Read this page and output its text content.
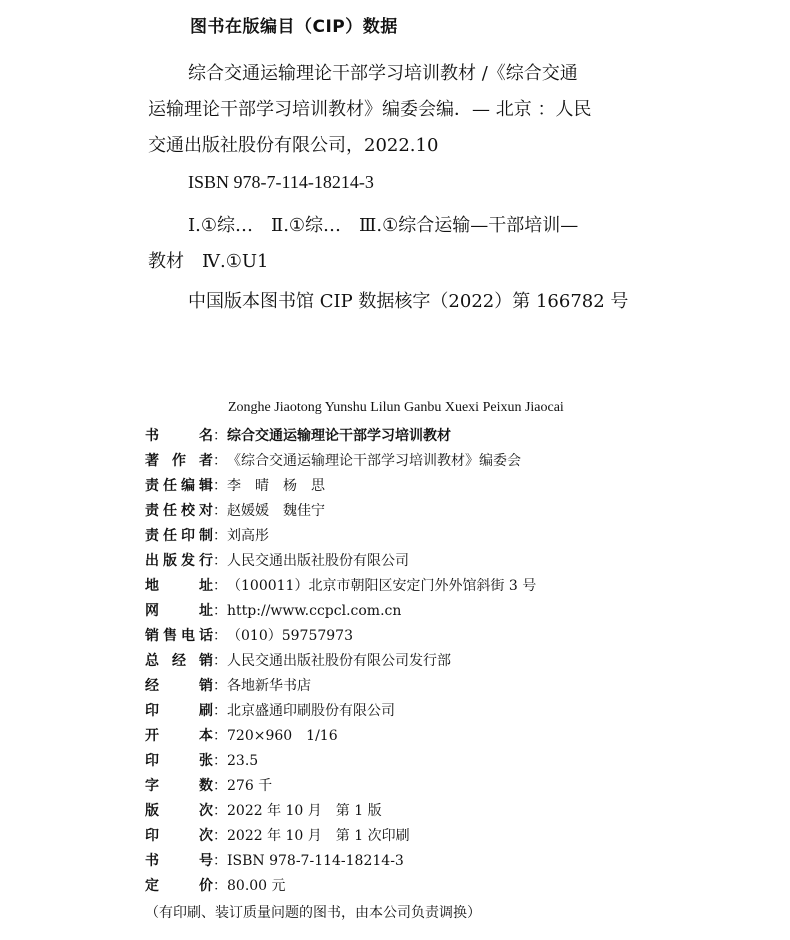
图书在版编目（CIP）数据
综合交通运输理论干部学习培训教材 /《综合交通
运输理论干部学习培训教材》编委会编．— 北京 ：人民
交通出版社股份有限公司，2022.10
ISBN 978-7-114-18214-3
Ⅰ.①综…　Ⅱ.①综…　Ⅲ.①综合运输—干部培训—
教材　Ⅳ.①U1
中国版本图书馆 CIP 数据核字（2022）第 166782 号
Zonghe Jiaotong Yunshu Lilun Ganbu Xuexi Peixun Jiaocai
书	名 ： 综合交通运输理论干部学习培训教材
著 作 者 ： 《综合交通运输理论干部学习培训教材》编委会
责 任 编 辑 ： 李　晴　杨　思
责 任 校 对 ： 赵媛媛　魏佳宁
责 任 印 制 ： 刘高彤
出 版 发 行 ： 人民交通出版社股份有限公司
地	址 ： （100011）北京市朝阳区安定门外外馆斜街 3 号
网	址 ： http://www.ccpcl.com.cn
销 售 电 话 ： （010）59757973
总 经 销 ： 人民交通出版社股份有限公司发行部
经	销 ： 各地新华书店
印	刷 ： 北京盛通印刷股份有限公司
开	本 ： 720×960　1/16
印	张 ： 23.5
字	数 ： 276 千
版	次 ： 2022 年 10 月　第 1 版
印	次 ： 2022 年 10 月　第 1 次印刷
书	号 ： ISBN 978-7-114-18214-3
定	价 ： 80.00 元
（有印刷、装订质量问题的图书，由本公司负责调换）
